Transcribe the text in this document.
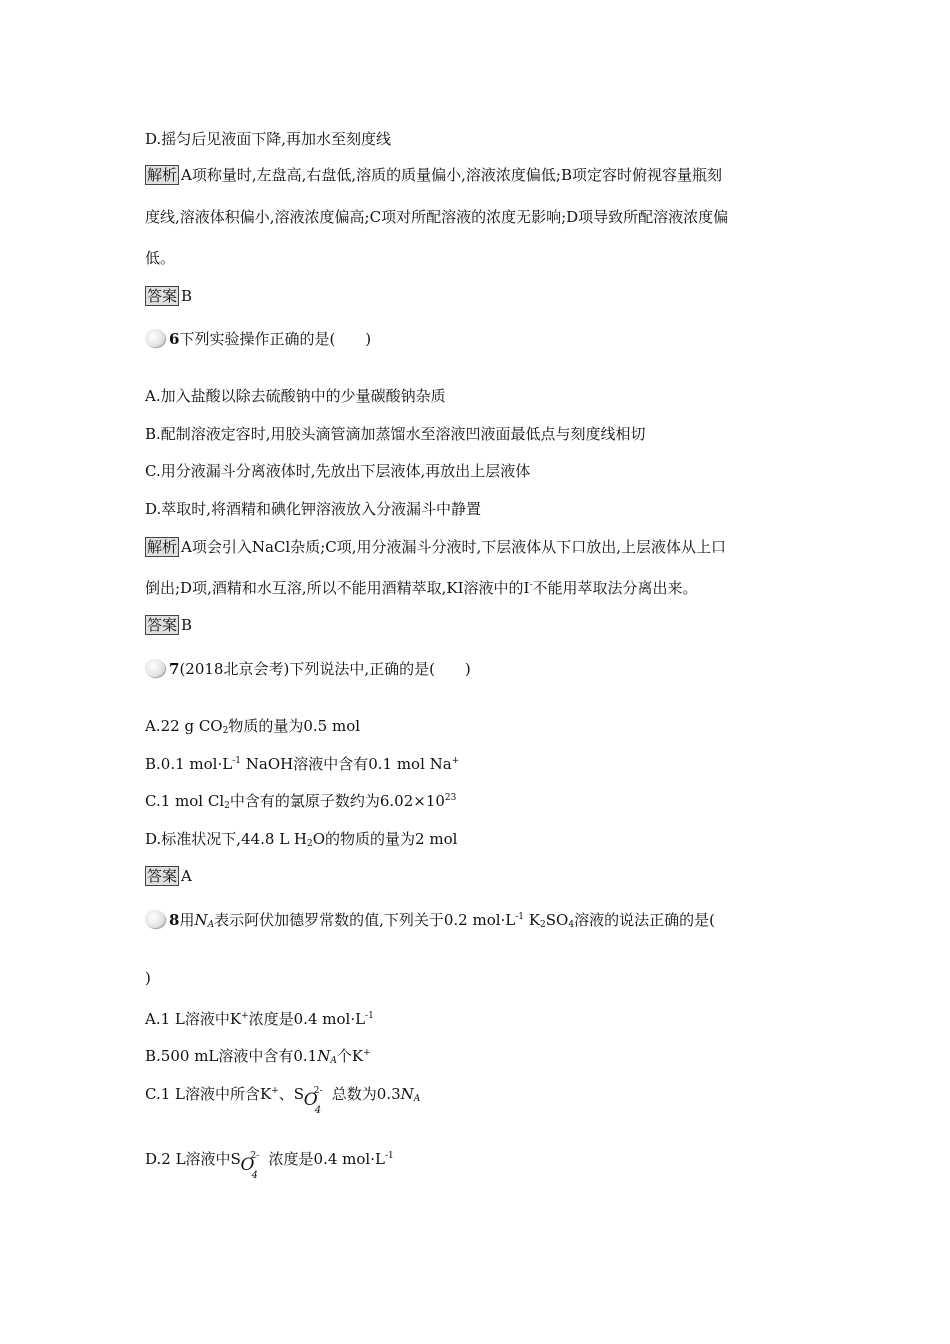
D.摇匀后见液面下降,再加水至刻度线
解析 A项称量时,左盘高,右盘低,溶质的质量偏小,溶液浓度偏低;B项定容时俯视容量瓶刻
度线,溶液体积偏小,溶液浓度偏高;C项对所配溶液的浓度无影响;D项导致所配溶液浓度偏
低。
答案 B
6下列实验操作正确的是(　　)
A.加入盐酸以除去硫酸钠中的少量碳酸钠杂质
B.配制溶液定容时,用胶头滴管滴加蒸馏水至溶液凹液面最低点与刻度线相切
C.用分液漏斗分离液体时,先放出下层液体,再放出上层液体
D.萃取时,将酒精和碘化钾溶液放入分液漏斗中静置
解析 A项会引入NaCl杂质;C项,用分液漏斗分液时,下层液体从下口放出,上层液体从上口
倒出;D项,酒精和水互溶,所以不能用酒精萃取,KI溶液中的I-不能用萃取法分离出来。
答案 B
7(2018北京会考)下列说法中,正确的是(　　)
A.22 g $CO_2$物质的量为0.5 mol
B.0.1 $mol\cdot L^{-1}$ NaOH溶液中含有0.1 mol Na+
C.1 mol $Cl_2$中含有的氯原子数约为$6.02\times 10^{23}$
D.标准状况下,44.8 L $H_2O$的物质的量为2 mol
答案 A
8用$N_A$表示阿伏加德罗常数的值,下列关于0.2 $mol\cdot L^{-1}$ $K_2SO_4$溶液的说法正确的是(
)
A.1 L溶液中K+浓度是0.4 $mol\cdot L^{-1}$
B.500 mL溶液中含有$0.1N_A$个K+
C.1 L溶液中所含K+、 S O
4
2- 总数为$0.3N_A$
D.2 L溶液中 S O
4
2- 浓度是0.4 $mol\cdot L^{-1}$
